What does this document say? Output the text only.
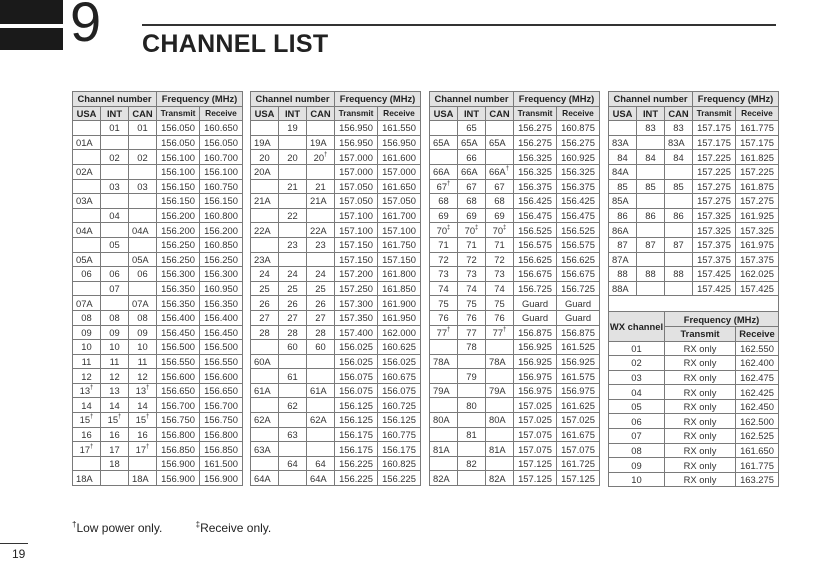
9 CHANNEL LIST
Channel number			Frequency (MHz)	
USA	INT	CAN	Transmit	Receive
	01	01	156.050	160.650
01A			156.050	156.050
	02	02	156.100	160.700
02A			156.100	156.100
	03	03	156.150	160.750
03A			156.150	156.150
	04		156.200	160.800
04A		04A	156.200	156.200
	05		156.250	160.850
05A		05A	156.250	156.250
06	06	06	156.300	156.300
	07		156.350	160.950
07A		07A	156.350	156.350
08	08	08	156.400	156.400
09	09	09	156.450	156.450
10	10	10	156.500	156.500
11	11	11	156.550	156.550
12	12	12	156.600	156.600
13†	13	13†	156.650	156.650
14	14	14	156.700	156.700
15†	15†	15†	156.750	156.750
16	16	16	156.800	156.800
17†	17	17†	156.850	156.850
	18		156.900	161.500
18A		18A	156.900	156.900
Channel number			Frequency (MHz)	
USA	INT	CAN	Transmit	Receive
	19		156.950	161.550
19A		19A	156.950	156.950
20	20	20†	157.000	161.600
20A			157.000	157.000
	21	21	157.050	161.650
21A		21A	157.050	157.050
	22		157.100	161.700
22A		22A	157.100	157.100
	23	23	157.150	161.750
23A			157.150	157.150
24	24	24	157.200	161.800
25	25	25	157.250	161.850
26	26	26	157.300	161.900
27	27	27	157.350	161.950
28	28	28	157.400	162.000
	60	60	156.025	160.625
60A			156.025	156.025
	61		156.075	160.675
61A		61A	156.075	156.075
	62		156.125	160.725
62A		62A	156.125	156.125
	63		156.175	160.775
63A			156.175	156.175
	64	64	156.225	160.825
64A		64A	156.225	156.225
Channel number			Frequency (MHz)	
USA	INT	CAN	Transmit	Receive
	65		156.275	160.875
65A	65A	65A	156.275	156.275
	66		156.325	160.925
66A	66A	66A†	156.325	156.325
67†	67	67	156.375	156.375
68	68	68	156.425	156.425
69	69	69	156.475	156.475
70‡	70‡	70‡	156.525	156.525
71	71	71	156.575	156.575
72	72	72	156.625	156.625
73	73	73	156.675	156.675
74	74	74	156.725	156.725
75	75	75	Guard	Guard
76	76	76	Guard	Guard
77†	77	77†	156.875	156.875
	78		156.925	161.525
78A		78A	156.925	156.925
	79		156.975	161.575
79A		79A	156.975	156.975
	80		157.025	161.625
80A		80A	157.025	157.025
	81		157.075	161.675
81A		81A	157.075	157.075
	82		157.125	161.725
82A		82A	157.125	157.125
Channel number			Frequency (MHz)	
USA	INT	CAN	Transmit	Receive
	83	83	157.175	161.775
83A		83A	157.175	157.175
84	84	84	157.225	161.825
84A			157.225	157.225
85	85	85	157.275	161.875
85A			157.275	157.275
86	86	86	157.325	161.925
86A			157.325	157.325
87	87	87	157.375	161.975
87A			157.375	157.375
88	88	88	157.425	162.025
88A			157.425	157.425

WX channel		Frequency (MHz)		
		Transmit		Receive
01		RX only		162.550
02		RX only		162.400
03		RX only		162.475
04		RX only		162.425
05		RX only		162.450
06		RX only		162.500
07		RX only		162.525
08		RX only		161.650
09		RX only		161.775
10		RX only		163.275
†Low power only.	‡Receive only.
19
